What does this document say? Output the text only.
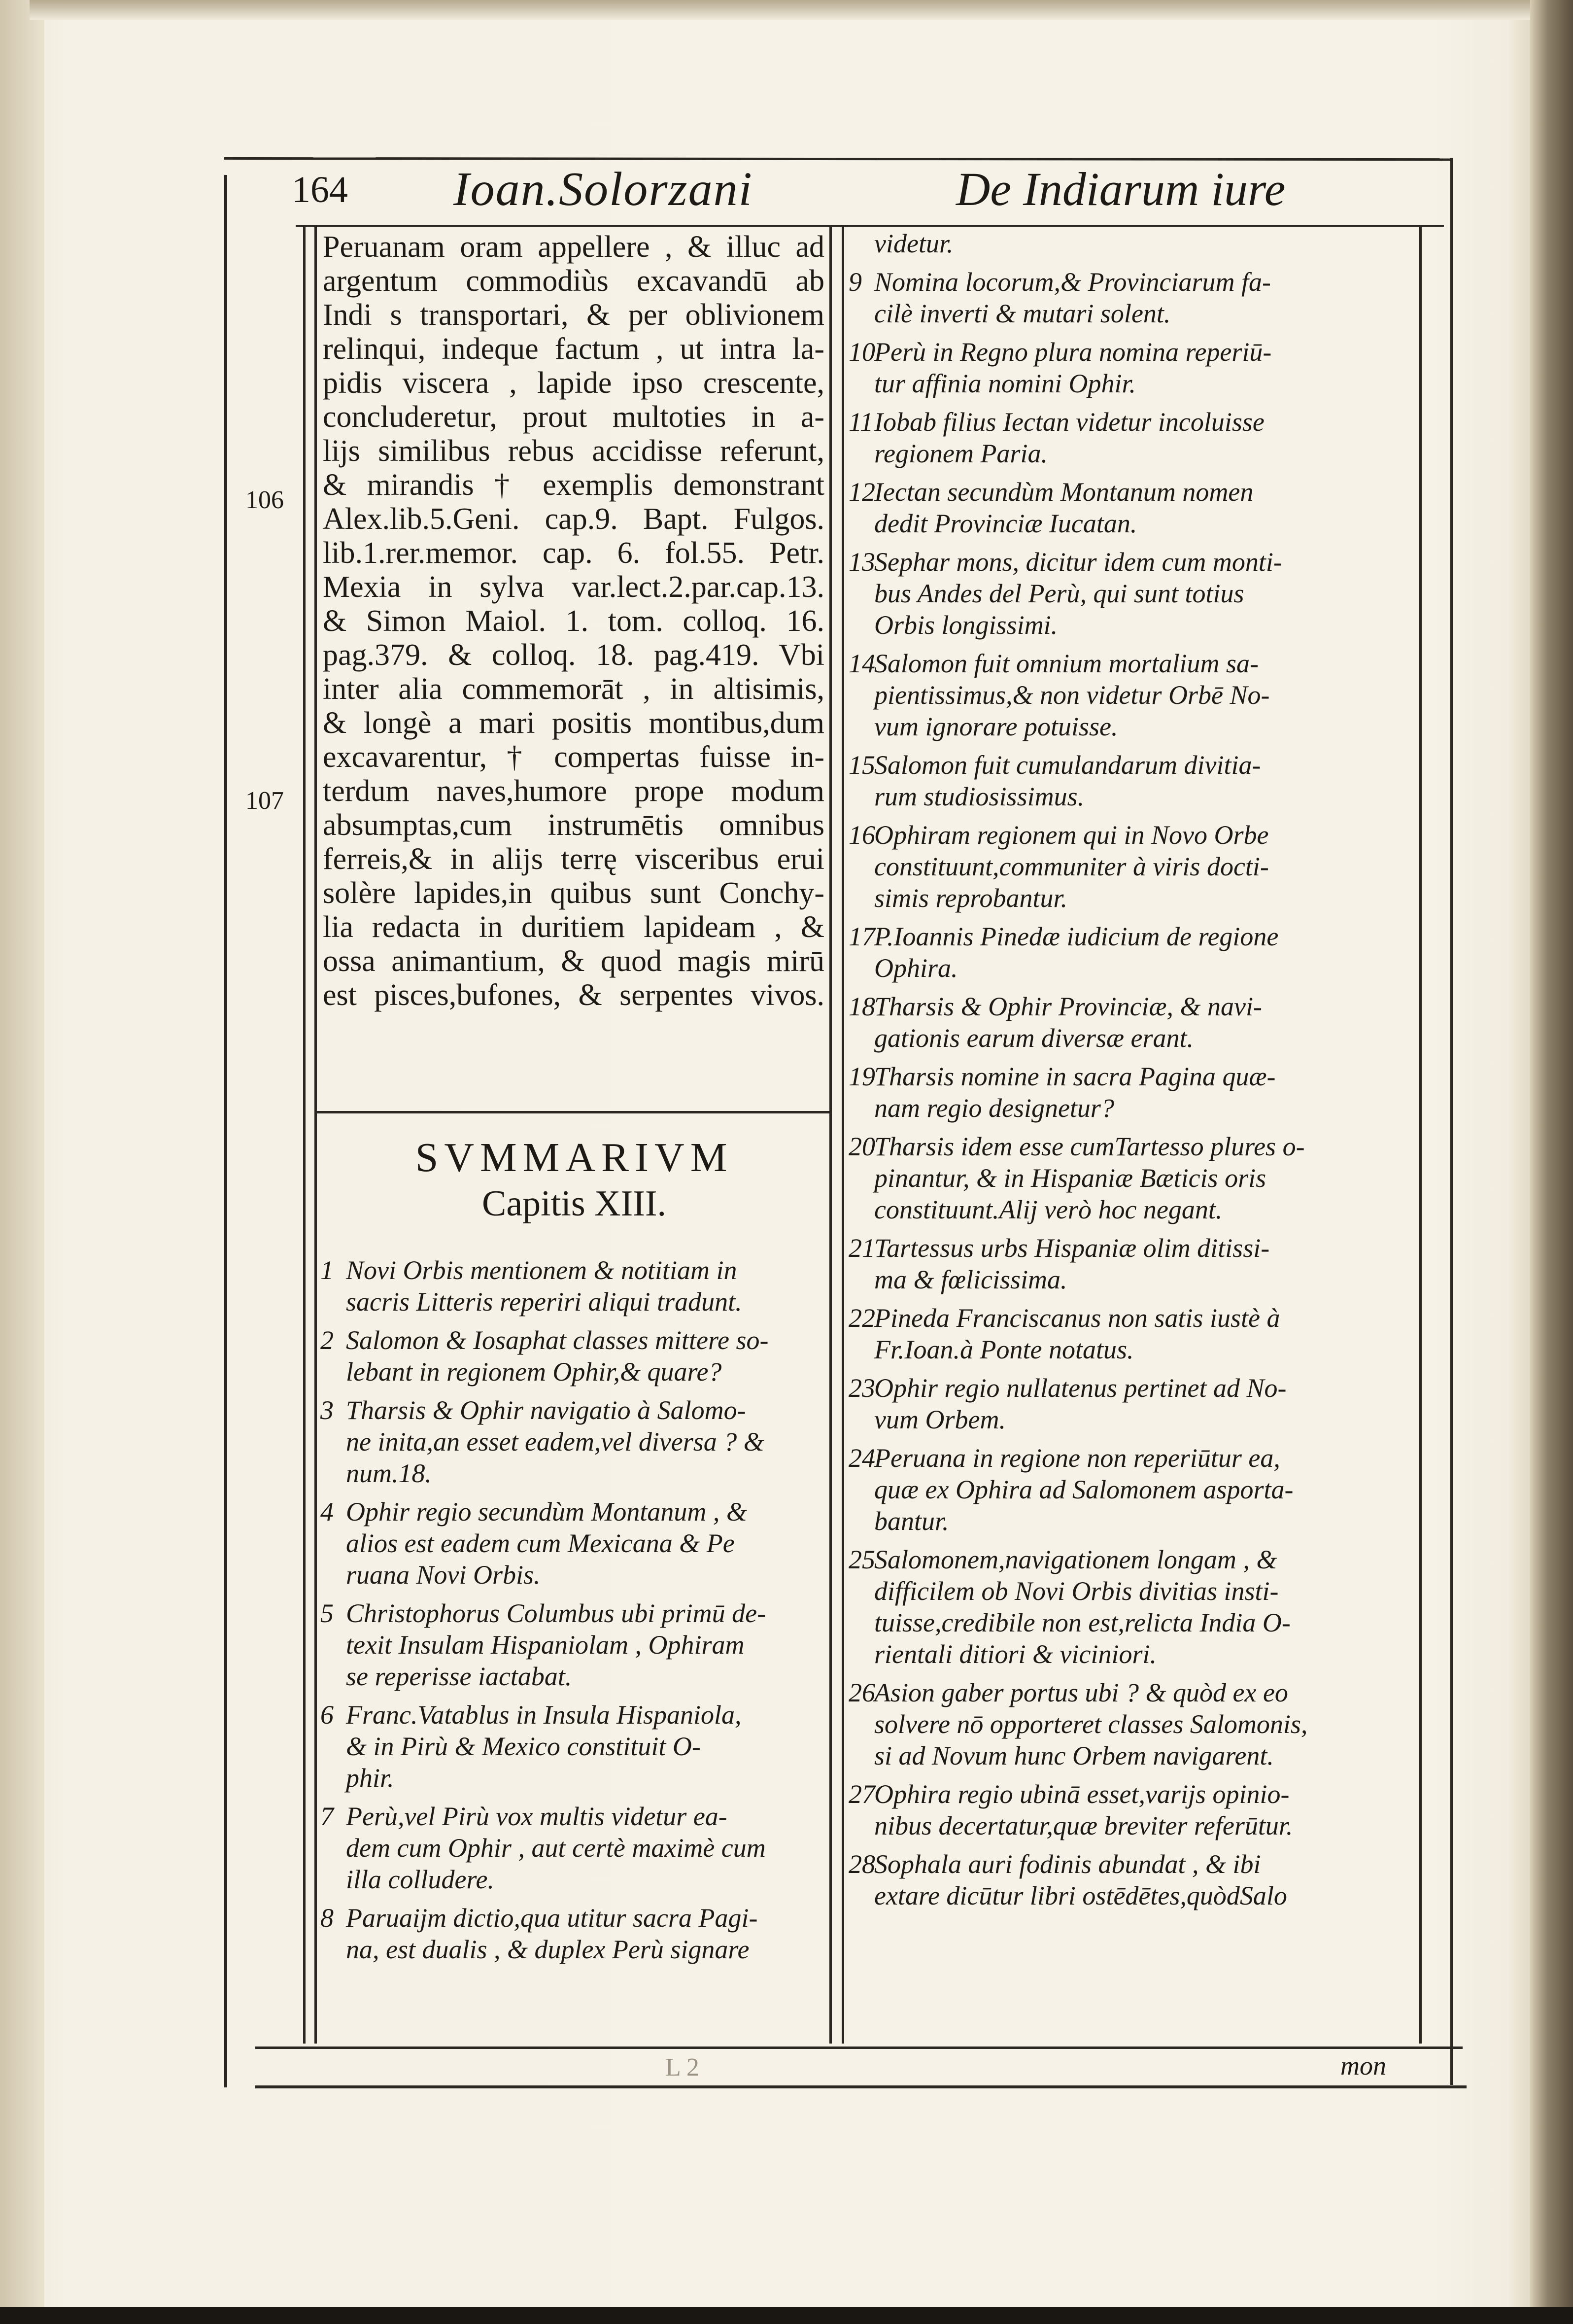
164 Ioan.Solorzani	De Indiarum iure
106
107
Peruanam oram appellere , & illuc ad
argentum commodiùs excavandū ab
Indi s transportari, & per oblivionem
relinqui, indeque factum , ut intra la-
pidis viscera , lapide ipso crescente,
concluderetur, prout multoties in a-
lijs similibus rebus accidisse referunt,
& mirandis † exemplis demonstrant
Alex.lib.5.Geni. cap.9. Bapt. Fulgos.
lib.1.rer.memor. cap. 6. fol.55. Petr.
Mexia in sylva var.lect.2.par.cap.13.
& Simon Maiol. 1. tom. colloq. 16.
pag.379. & colloq. 18. pag.419. Vbi
inter alia commemorāt , in altisimis,
& longè a mari positis montibus,dum
excavarentur, † compertas fuisse in-
terdum naves,humore prope modum
absumptas,cum instrumētis omnibus
ferreis,& in alijs terrę visceribus erui
solère lapides,in quibus sunt Conchy-
lia redacta in duritiem lapideam , &
ossa animantium, & quod magis mirū
est pisces,bufones, & serpentes vivos.
SVMMARIVM
Capitis XIII.
1 Novi Orbis mentionem & notitiam in
sacris Litteris reperiri aliqui tradunt.
2 Salomon & Iosaphat classes mittere so-
lebant in regionem Ophir,& quare?
3 Tharsis & Ophir navigatio à Salomo-
ne inita,an esset eadem,vel diversa ? &
num.18.
4 Ophir regio secundùm Montanum , &
alios est eadem cum Mexicana & Pe
ruana Novi Orbis.
5 Christophorus Columbus ubi primū de-
texit Insulam Hispaniolam , Ophiram
se reperisse iactabat.
6 Franc.Vatablus in Insula Hispaniola,
& in Pirù & Mexico constituit O-
phir.
7 Perù,vel Pirù vox multis videtur ea-
dem cum Ophir , aut certè maximè cum
illa colludere.
8 Paruaijm dictio,qua utitur sacra Pagi-
na, est dualis , & duplex Perù signare
videtur.
9 Nomina locorum,& Provinciarum fa-
cilè inverti & mutari solent.
10
Perù in Regno plura nomina reperiū-
tur affinia nomini Ophir.
11 Iobab filius Iectan videtur incoluisse
regionem Paria.
12
Iectan secundùm Montanum nomen
dedit Provinciæ Iucatan.
13
Sephar mons, dicitur idem cum monti-
bus Andes del Perù, qui sunt totius
Orbis longissimi.
14
Salomon fuit omnium mortalium sa-
pientissimus,& non videtur Orbē No-
vum ignorare potuisse.
15
Salomon fuit cumulandarum divitia-
rum studiosissimus.
16
Ophiram regionem qui in Novo Orbe
constituunt,communiter à viris docti-
simis reprobantur.
17
P.Ioannis Pinedæ iudicium de regione
Ophira.
18
Tharsis & Ophir Provinciæ, & navi-
gationis earum diversæ erant.
19
Tharsis nomine in sacra Pagina quæ-
nam regio designetur?
20
Tharsis idem esse cumTartesso plures o-
pinantur, & in Hispaniæ Bæticis oris
constituunt.Alij verò hoc negant.
21
Tartessus urbs Hispaniæ olim ditissi-
ma & fœlicissima.
22
Pineda Franciscanus non satis iustè à
Fr.Ioan.à Ponte notatus.
23
Ophir regio nullatenus pertinet ad No-
vum Orbem.
24
Peruana in regione non reperiūtur ea,
quæ ex Ophira ad Salomonem asporta-
bantur.
25
Salomonem,navigationem longam , &
difficilem ob Novi Orbis divitias insti-
tuisse,credibile non est,relicta India O-
rientali ditiori & viciniori.
26
Asion gaber portus ubi ? & quòd ex eo
solvere nō opporteret classes Salomonis,
si ad Novum hunc Orbem navigarent.
27
Ophira regio ubinā esset,varijs opinio-
nibus decertatur,quæ breviter referūtur.
28
Sophala auri fodinis abundat , & ibi
extare dicūtur libri ostēdētes,quòdSalo
mon
L 2
